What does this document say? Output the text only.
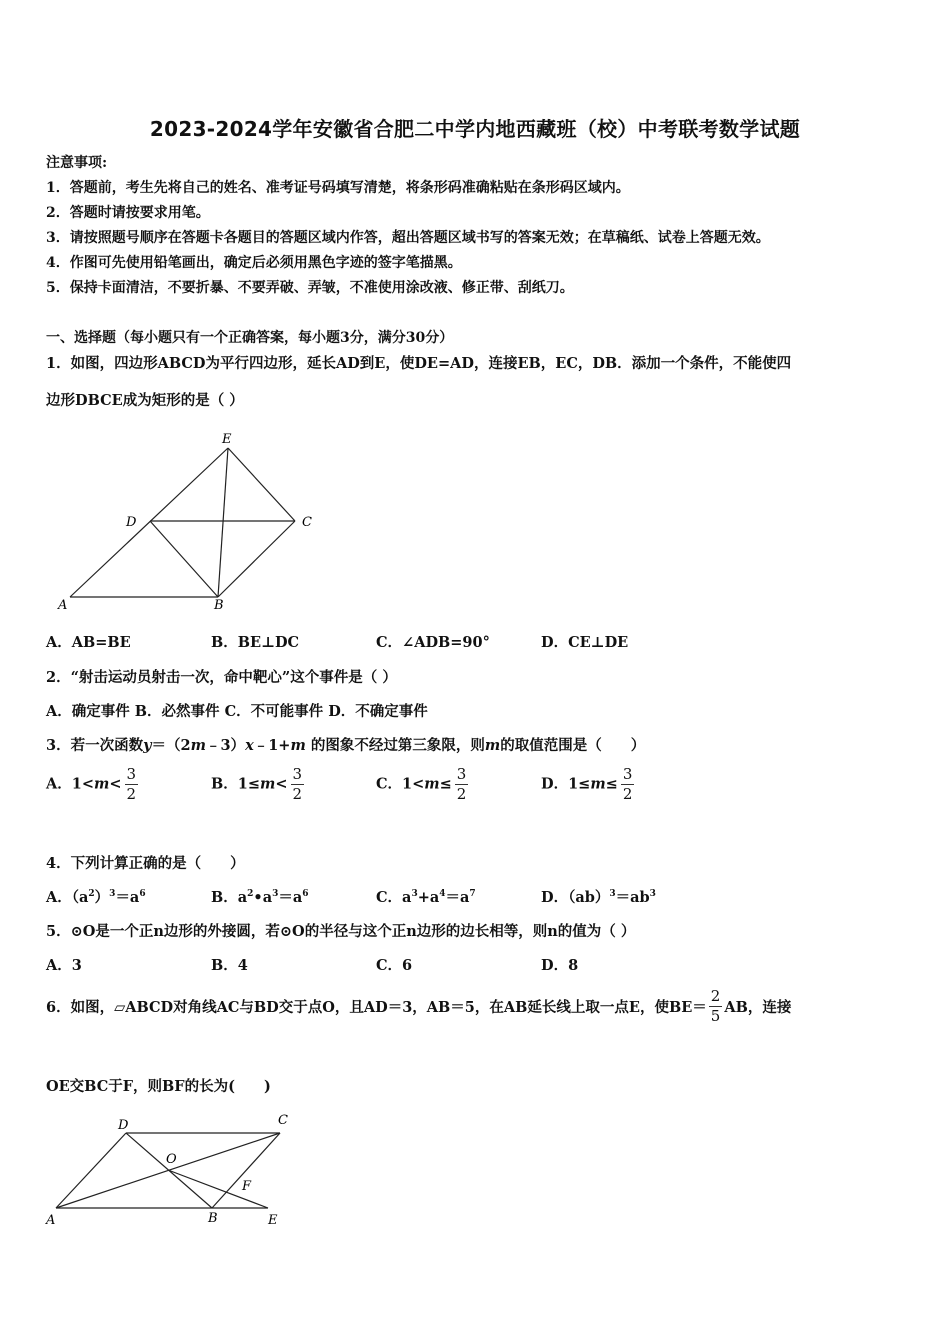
2023-2024学年安徽省合肥二中学内地西藏班（校）中考联考数学试题
注意事项:
1．答题前，考生先将自己的姓名、准考证号码填写清楚，将条形码准确粘贴在条形码区域内。
2．答题时请按要求用笔。
3．请按照题号顺序在答题卡各题目的答题区域内作答，超出答题区域书写的答案无效；在草稿纸、试卷上答题无效。
4．作图可先使用铅笔画出，确定后必须用黑色字迹的签字笔描黑。
5．保持卡面清洁，不要折暴、不要弄破、弄皱，不准使用涂改液、修正带、刮纸刀。
一、选择题（每小题只有一个正确答案，每小题3分，满分30分）
1．如图，四边形ABCD为平行四边形，延长AD到E，使DE=AD，连接EB，EC，DB．添加一个条件，不能使四
边形DBCE成为矩形的是（ ）
E
D	C
A	B
A．AB=BE	B．BE⊥DC	C．∠ADB=90°	D．CE⊥DE
2．“射击运动员射击一次，命中靶心”这个事件是（ ）
A．确定事件 B．必然事件 C．不可能事件 D．不确定事件
3．若一次函数y＝（2m﹣3）x﹣1+m 的图象不经过第三象限，则m的取值范围是（　　）
A．$1<m< \frac{3}{2}$	B．$1\le m< \frac{3}{2}$	C．$1<m\le \frac{3}{2}$	D．$1\le m\le \frac{3}{2}$
4．下列计算正确的是（　　）
A．$(a^2)^3=a^6$	B．$a^2•a^3=a^6$	C．$a^3+a^4=a^7$	D．$(ab)^3=ab^3$
5．⊙O是一个正n边形的外接圆，若⊙O的半径与这个正n边形的边长相等，则n的值为（ ）
A．3	B．4	C．6	D．8
6．如图，▱ABCD对角线AC与BD交于点O，且AD＝3，AB＝5，在AB延长线上取一点E，使$BE= \frac{2}{5}$ AB，连接
OE交BC于F，则BF的长为(　　)
D	C
O
F
A	B	E
